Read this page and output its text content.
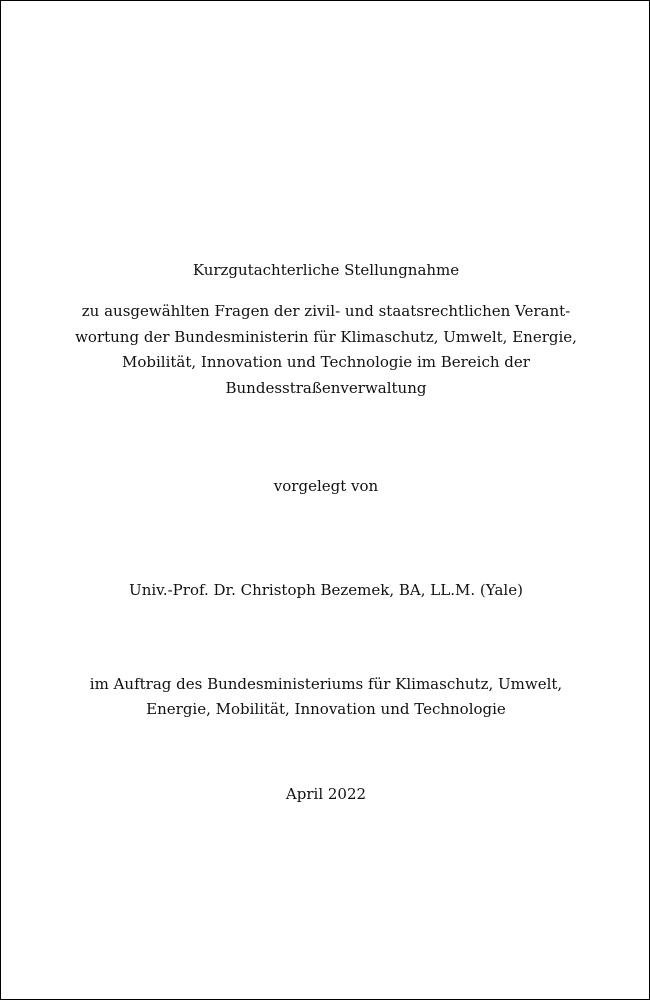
Kurzgutachterliche Stellungnahme

zu ausgewählten Fragen der zivil- und staatsrechtlichen Verant-

wortung der Bundesministerin für Klimaschutz, Umwelt, Energie,

Mobilität, Innovation und Technologie im Bereich der

Bundesstraßenverwaltung

vorgelegt von

Univ.-Prof. Dr. Christoph Bezemek, BA, LL.M. (Yale)

im Auftrag des Bundesministeriums für Klimaschutz, Umwelt,

Energie, Mobilität, Innovation und Technologie

April 2022
